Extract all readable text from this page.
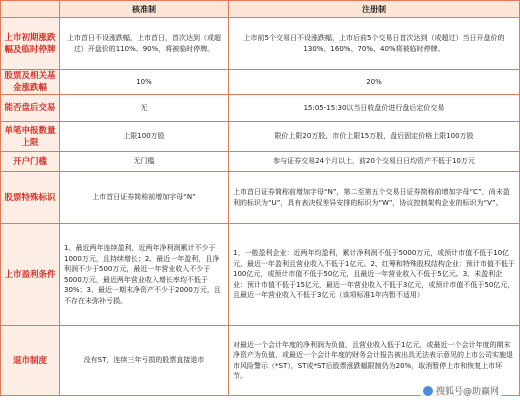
	核准制	注册制
上市初期涨跌幅及临时停牌	上市首日不设涨跌幅，上市首日，首次达到（或超过）开盘价的110%、90%，将被临时停牌。	上市前5个交易日不设涨跌幅，上市后前5个交易日首次达到（或超过）当日开盘价的130%、160%、70%、40%将被临时停牌。
股票及相关基金涨跌幅	10%	20%
能否盘后交易	无	15:05-15:30以当日收盘价进行盘后定价交易
单笔申报数量上限	上限100万股	限价上限20万股，市价上限15万股，盘后固定价格上限100万股
开户门槛	无门槛	参与证券交易24个月以上，前20个交易日日均资产不低于10万元
股票特殊标识	上市首日证券简称前增加字母“N”	上市首日证券简称前增加字母“N”，第二至第五个交易日证券简称前增加字母“C”，尚未盈利的标识为“U”，具有表决权差异安排的标识为“W”，协议控制架构企业的标识为“V”。
上市盈利条件	1、最近两年连续盈利，近两年净利润累计不少于1000万元，且持续增长；2、最近一年盈利，且净利润不少于500万元，最近一年营业收入不少于5000万元，最近两年营业收入增长率均不低于30%；3、最近一期末净资产不少于2000万元，且不存在未弥补亏损。	1、一般盈利企业：近两年均盈利，累计净利润不低于5000万元，或预计市值不低于10亿元，最近一年盈利且营业收入不低于1亿元。2、红筹和特殊股权结构企业：预计市值不低于100亿元，或预计市值不低于50亿元，且最近一年营业收入不低于5亿元。3、未盈利企业：预计市值不低于15亿元，最近一年营业收入不低于3亿元，或预计市值不低于50亿元，且最近一年营业收入不低于3亿元（该项标准1年内暂不适用）
退市制度	没有ST，连续三年亏损的股票直接退市	对最近一个会计年度的净利润为负值，且营业收入低于1亿元，或最近一个会计年度的期末净资产为负值，或最近一个会计年度的财务会计报告被出具无法表示意见的上市公司实施退市风险警示（*ST），ST或*ST后股票涨跌幅限制仍为20%，取消暂停上市和恢复上市环节。
搜狐号@助赢网
